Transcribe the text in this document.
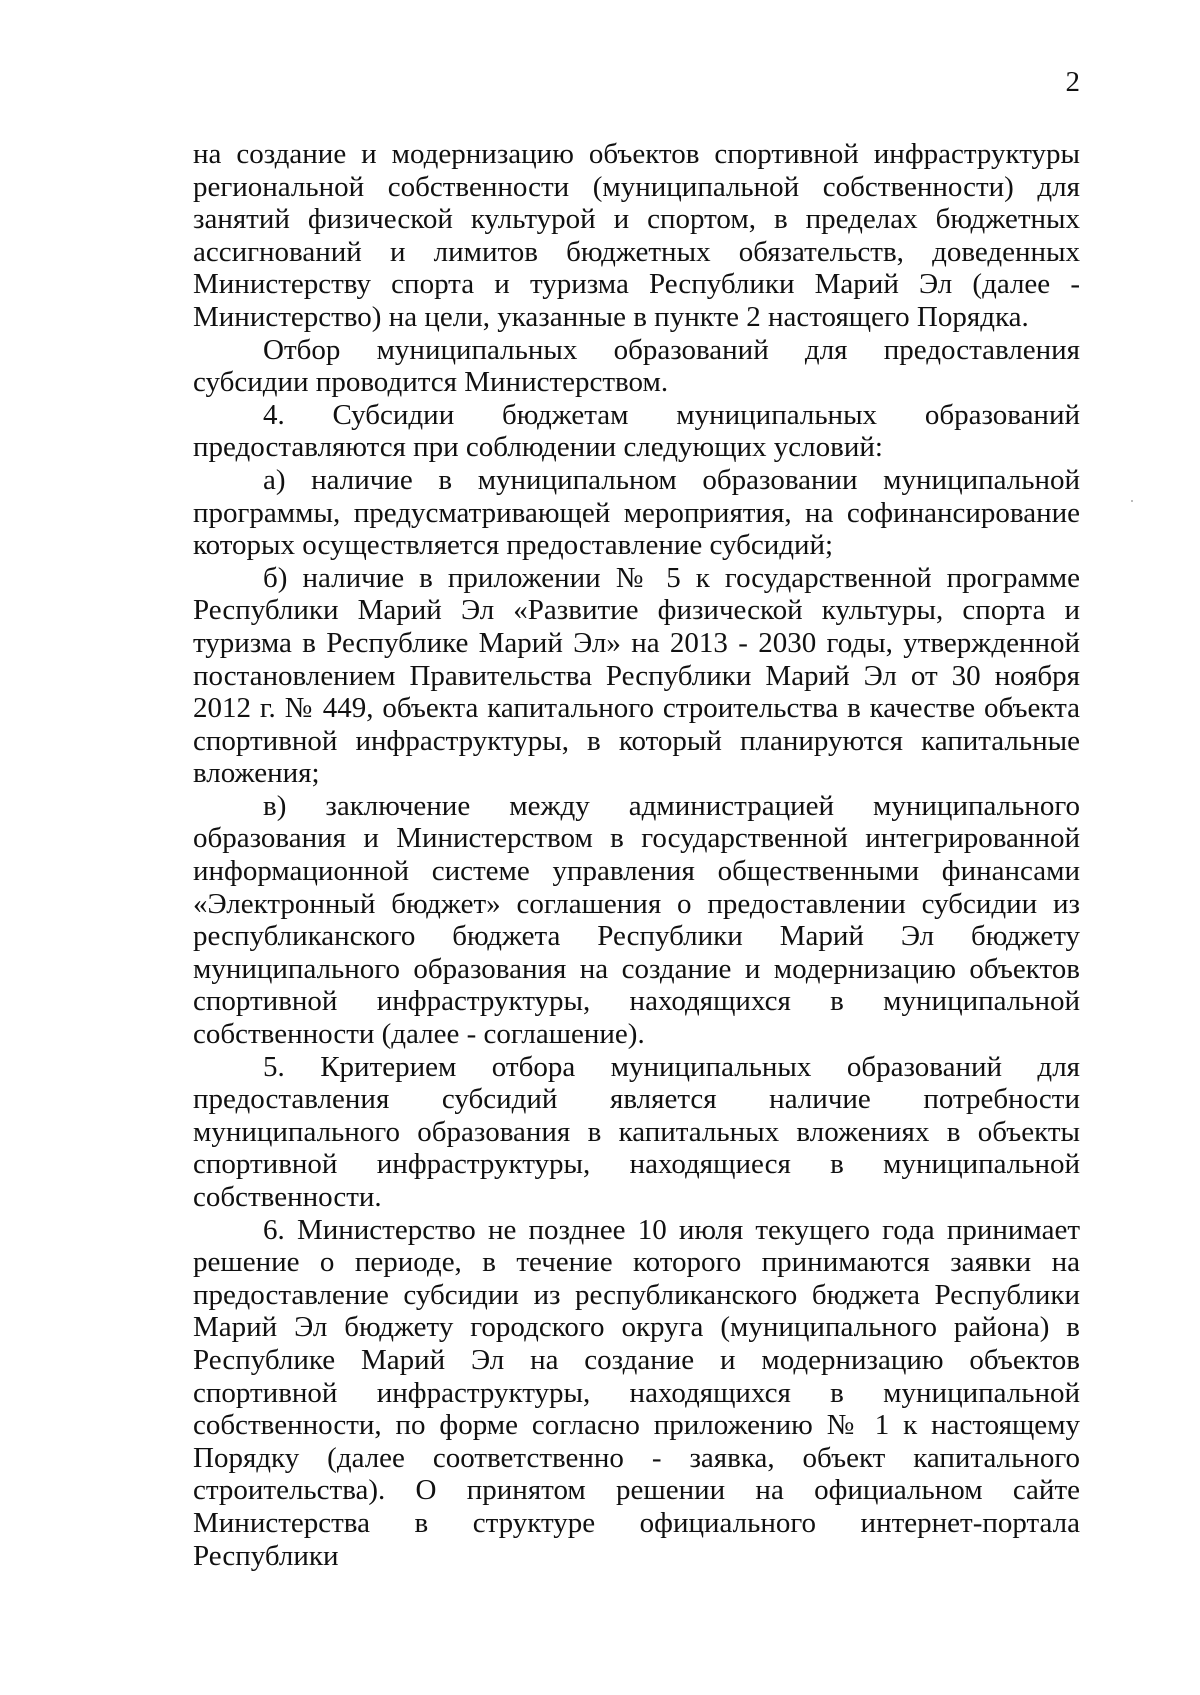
2

на создание и модернизацию объектов спортивной инфраструктуры региональной собственности (муниципальной собственности) для занятий физической культурой и спортом, в пределах бюджетных ассигнований и лимитов бюджетных обязательств, доведенных Министерству спорта и туризма Республики Марий Эл (далее - Министерство) на цели, указанные в пункте 2 настоящего Порядка.

Отбор муниципальных образований для предоставления субсидии проводится Министерством.

4. Субсидии бюджетам муниципальных образований предоставляются при соблюдении следующих условий:

а) наличие в муниципальном образовании муниципальной программы, предусматривающей мероприятия, на софинансирование которых осуществляется предоставление субсидий;

б) наличие в приложении № 5 к государственной программе Республики Марий Эл «Развитие физической культуры, спорта и туризма в Республике Марий Эл» на 2013 - 2030 годы, утвержденной постановлением Правительства Республики Марий Эл от 30 ноября 2012 г. № 449, объекта капитального строительства в качестве объекта спортивной инфраструктуры, в который планируются капитальные вложения;

в) заключение между администрацией муниципального образования и Министерством в государственной интегрированной информационной системе управления общественными финансами «Электронный бюджет» соглашения о предоставлении субсидии из республиканского бюджета Республики Марий Эл бюджету муниципального образования на создание и модернизацию объектов спортивной инфраструктуры, находящихся в муниципальной собственности (далее - соглашение).

5. Критерием отбора муниципальных образований для предоставления субсидий является наличие потребности муниципального образования в капитальных вложениях в объекты спортивной инфраструктуры, находящиеся в муниципальной собственности.

6. Министерство не позднее 10 июля текущего года принимает решение о периоде, в течение которого принимаются заявки на предоставление субсидии из республиканского бюджета Республики Марий Эл бюджету городского округа (муниципального района) в Республике Марий Эл на создание и модернизацию объектов спортивной инфраструктуры, находящихся в муниципальной собственности, по форме согласно приложению № 1 к настоящему Порядку (далее соответственно - заявка, объект капитального строительства). О принятом решении на официальном сайте Министерства в структуре официального интернет-портала Республики
